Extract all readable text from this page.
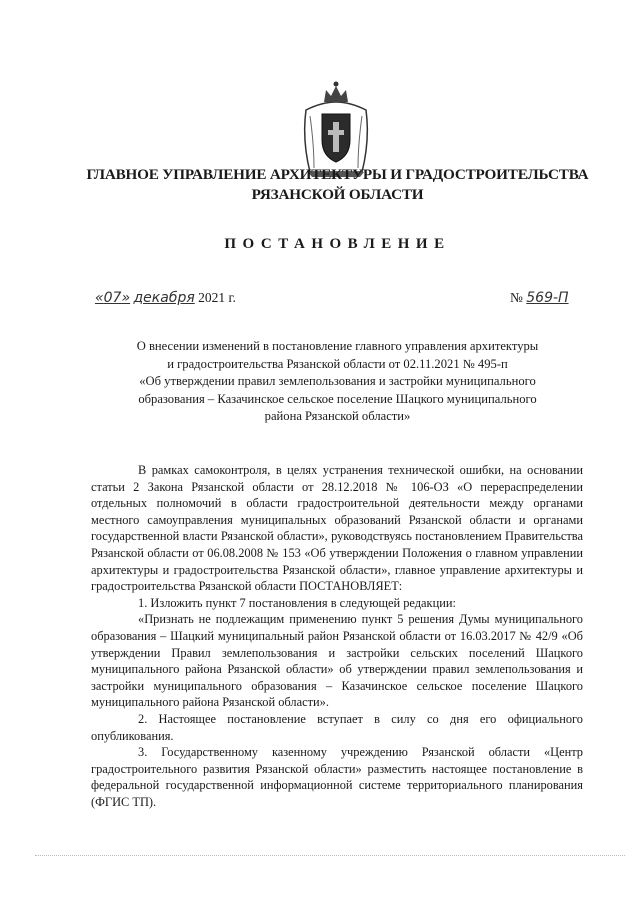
ГЛАВНОЕ УПРАВЛЕНИЕ АРХИТЕКТУРЫ И ГРАДОСТРОИТЕЛЬСТВА
РЯЗАНСКОЙ ОБЛАСТИ
ПОСТАНОВЛЕНИЕ
«07» декабря 2021 г.	№ 569-П
О внесении изменений в постановление главного управления архитектуры
и градостроительства Рязанской области от 02.11.2021 № 495-п
«Об утверждении правил землепользования и застройки муниципального
образования – Казачинское сельское поселение Шацкого муниципального
района Рязанской области»

В рамках самоконтроля, в целях устранения технической ошибки, на основании статьи 2 Закона Рязанской области от 28.12.2018 № 106-ОЗ «О перераспределении отдельных полномочий в области градостроительной деятельности между органами местного самоуправления муниципальных образований Рязанской области и органами государственной власти Рязанской области», руководствуясь постановлением Правительства Рязанской области от 06.08.2008 № 153 «Об утверждении Положения о главном управлении архитектуры и градостроительства Рязанской области», главное управление архитектуры и градостроительства Рязанской области ПОСТАНОВЛЯЕТ:

1. Изложить пункт 7 постановления в следующей редакции:

«Признать не подлежащим применению пункт 5 решения Думы муниципального образования – Шацкий муниципальный район Рязанской области от 16.03.2017 № 42/9 «Об утверждении Правил землепользования и застройки сельских поселений Шацкого муниципального района Рязанской области» об утверждении правил землепользования и застройки муниципального образования – Казачинское сельское поселение Шацкого муниципального района Рязанской области».

2. Настоящее постановление вступает в силу со дня его официального опубликования.

3. Государственному казенному учреждению Рязанской области «Центр градостроительного развития Рязанской области» разместить настоящее постановление в федеральной государственной информационной системе территориального планирования (ФГИС ТП).
